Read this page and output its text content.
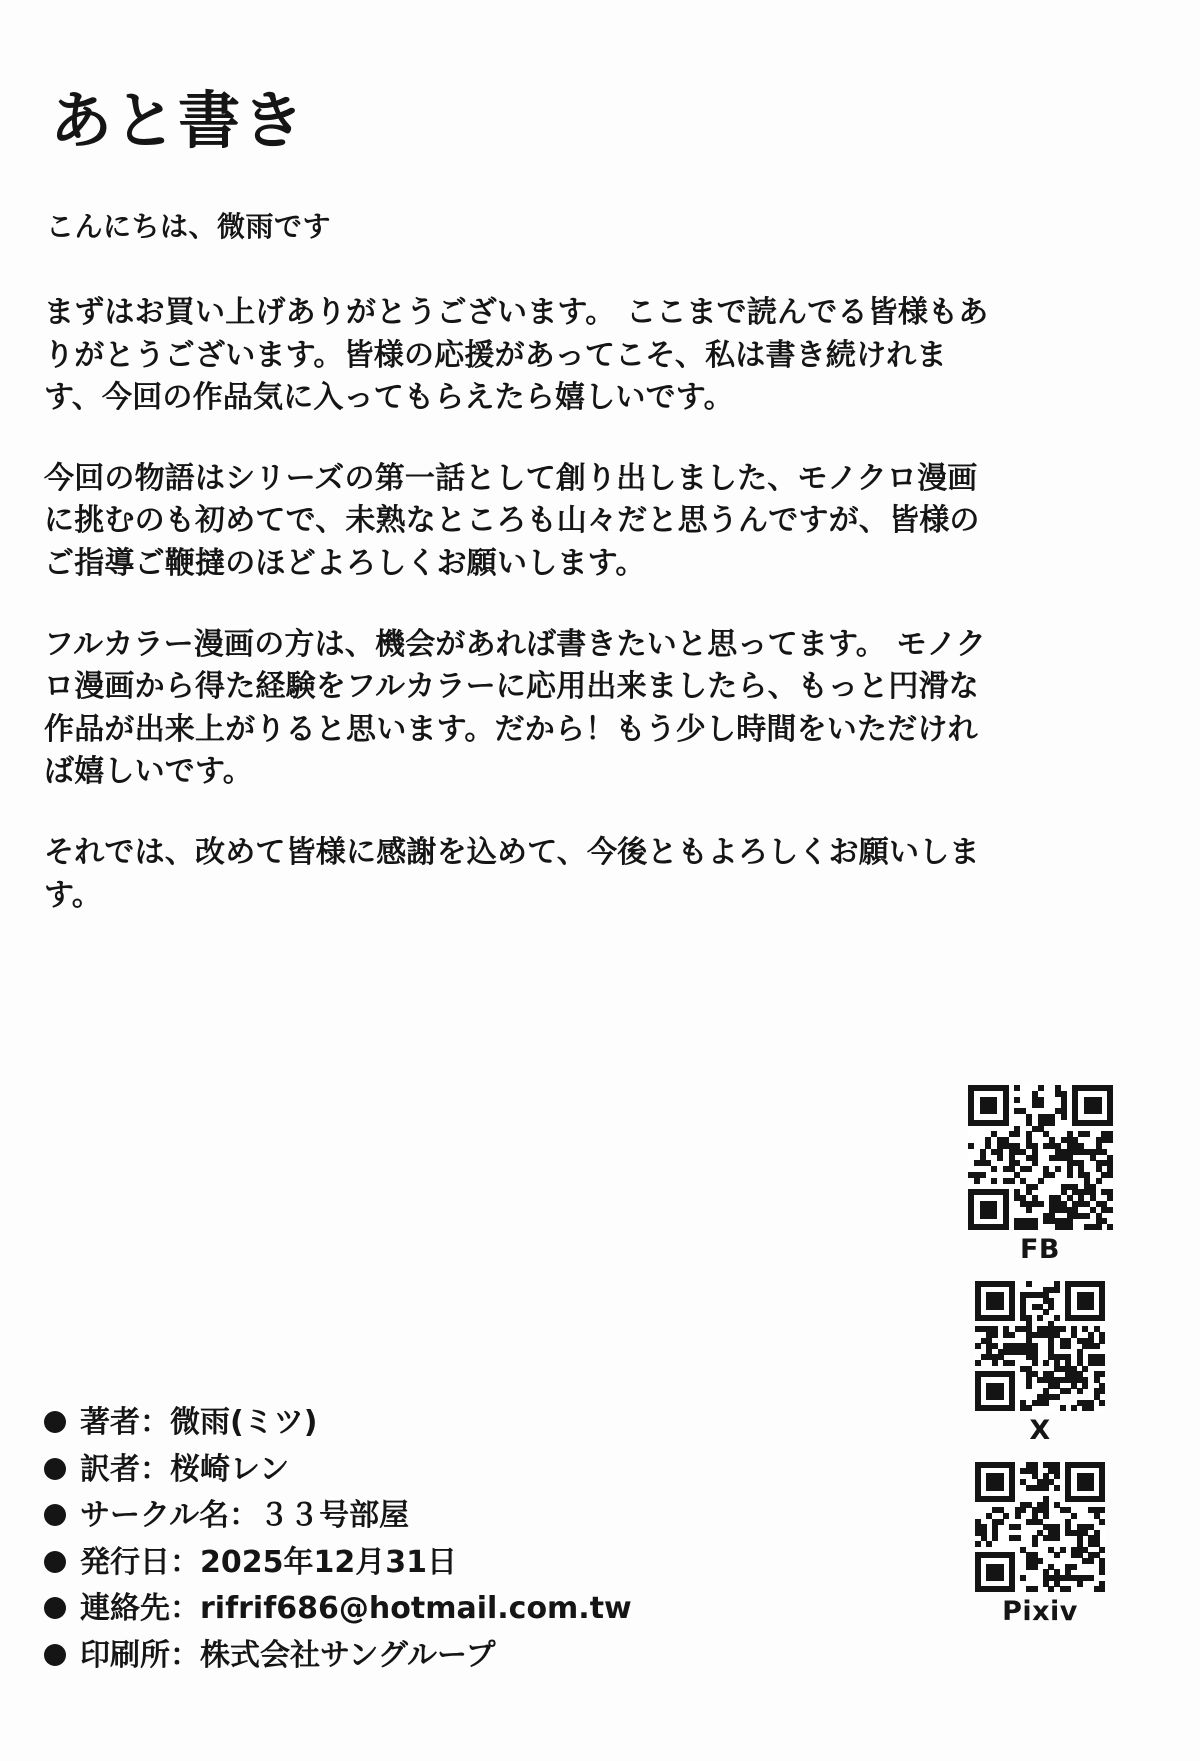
あと書き
こんにちは、微雨です

まずはお買い上げありがとうございます。 ここまで読んでる皆様もありがとうございます。皆様の応援があってこそ、私は書き続けれます、今回の作品気に入ってもらえたら嬉しいです。

今回の物語はシリーズの第一話として創り出しました、モノクロ漫画に挑むのも初めてで、未熟なところも山々だと思うんですが、皆様のご指導ご鞭撻のほどよろしくお願いします。

フルカラー漫画の方は、機会があれば書きたいと思ってます。 モノクロ漫画から得た経験をフルカラーに応用出来ましたら、もっと円滑な作品が出来上がりると思います。だから！もう少し時間をいただければ嬉しいです。

それでは、改めて皆様に感謝を込めて、今後ともよろしくお願いします。

著者：微雨(ミツ)
訳者：桜崎レン
サークル名：３３号部屋
発行日：2025年12月31日
連絡先：rifrif686@hotmail.com.tw
印刷所：株式会社サングループ
FB
X
Pixiv
